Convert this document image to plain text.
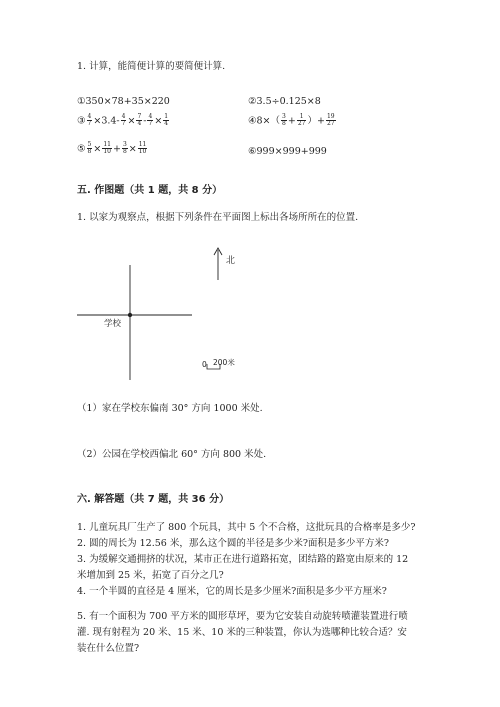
1. 计算，能简便计算的要简便计算.
①350×78+35×220	②3.5÷0.125×8
③ $\frac{4}{7} \times 3.4- \frac{4}{7} \times \frac{7}{4} - \frac{4}{7} \times \frac{1}{4}$	④8×（ $\frac{3}{8} + \frac{1}{27}$ ）+ $\frac{19}{27}$
⑤ $\frac{5}{8} \times \frac{11}{10} + \frac{3}{8} \times \frac{11}{10}$	⑥999×999+999
五. 作图题（共 1 题，共 8 分）
1. 以家为观察点，根据下列条件在平面图上标出各场所所在的位置.
北
学校
0 200米
（1）家在学校东偏南 30° 方向 1000 米处.
（2）公园在学校西偏北 60° 方向 800 米处.
六. 解答题（共 7 题，共 36 分）
1. 儿童玩具厂生产了 800 个玩具，其中 5 个不合格，这批玩具的合格率是多少?
2. 圆的周长为 12.56 米，那么这个圆的半径是多少米?面积是多少平方米?
3. 为缓解交通拥挤的状况，某市正在进行道路拓宽，团结路的路宽由原来的 12
米增加到 25 米，拓宽了百分之几?
4. 一个半圆的直径是 4 厘米，它的周长是多少厘米?面积是多少平方厘米?
5. 有一个面积为 700 平方米的圆形草坪，要为它安装自动旋转喷灌装置进行喷
灌. 现有射程为 20 米、15 米、10 米的三种装置，你认为选哪种比较合适？安
装在什么位置?
